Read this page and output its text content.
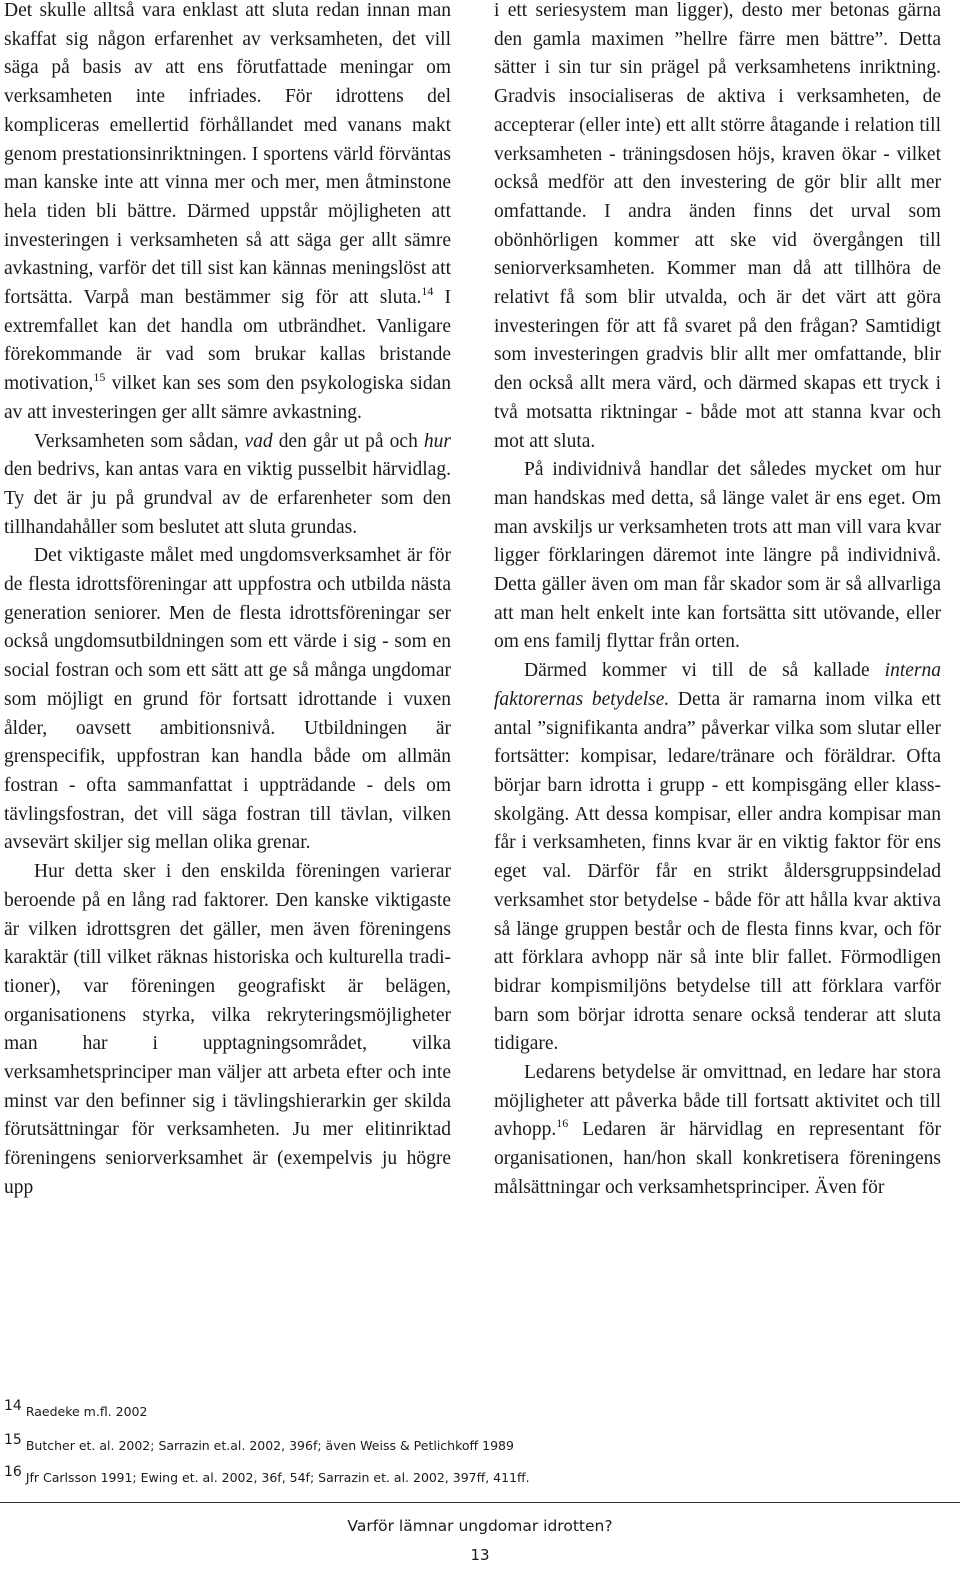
Det skulle alltså vara enklast att sluta redan innan man skaffat sig någon erfarenhet av verksamheten, det vill säga på basis av att ens förutfattade meningar om verksamheten inte infriades. För idrottens del kompliceras emellertid förhållandet med vanans makt genom prestationsinriktningen. I sportens värld förväntas man kanske inte att vinna mer och mer, men åtminstone hela tiden bli bättre. Därmed uppstår möjligheten att investeringen i verksamheten så att säga ger allt sämre avkastning, varför det till sist kan kännas meningslöst att fortsätta. Varpå man bestämmer sig för att sluta.$^{14}$ I extremfallet kan det handla om utbrändhet. Vanligare förekommande är vad som brukar kallas bristande motivation,$^{15}$ vilket kan ses som den psykologiska sidan av att investeringen ger allt sämre avkastning.

Verksamheten som sådan, vad den går ut på och hur den bedrivs, kan antas vara en viktig pusselbit härvidlag. Ty det är ju på grundval av de erfarenheter som den tillhandahåller som beslutet att sluta grundas.

Det viktigaste målet med ungdomsverksamhet är för de flesta idrottsföreningar att uppfostra och utbilda nästa generation seniorer. Men de flesta idrottsföreningar ser också ungdomsutbildningen som ett värde i sig - som en social fostran och som ett sätt att ge så många ungdomar som möjligt en grund för fortsatt idrottande i vuxen ålder, oavsett ambitionsnivå. Utbildningen är grenspecifik, uppfostran kan handla både om allmän fostran - ofta sammanfattat i uppträdande - dels om tävlingsfostran, det vill säga fostran till tävlan, vilken avsevärt skiljer sig mellan olika grenar.

Hur detta sker i den enskilda föreningen varierar beroende på en lång rad faktorer. Den kanske viktigaste är vilken idrottsgren det gäller, men även föreningens karaktär (till vilket räknas historiska och kulturella traditioner), var föreningen geografiskt är belägen, organisationens styrka, vilka rekryteringsmöjligheter man har i upptagningsområdet, vilka verksamhetsprinciper man väljer att arbeta efter och inte minst var den befinner sig i tävlingshierarkin ger skilda förutsättningar för verksamheten. Ju mer elitinriktad föreningens seniorverksamhet är (exempelvis ju högre upp

i ett seriesystem man ligger), desto mer betonas gärna den gamla maximen ”hellre färre men bättre”. Detta sätter i sin tur sin prägel på verksamhetens inriktning. Gradvis insocialiseras de aktiva i verksamheten, de accepterar (eller inte) ett allt större åtagande i relation till verksamheten - träningsdosen höjs, kraven ökar - vilket också medför att den investering de gör blir allt mer omfattande. I andra änden finns det urval som obönhörligen kommer att ske vid övergången till seniorverksamheten. Kommer man då att tillhöra de relativt få som blir utvalda, och är det värt att göra investeringen för att få svaret på den frågan? Samtidigt som investeringen gradvis blir allt mer omfattande, blir den också allt mera värd, och därmed skapas ett tryck i två motsatta riktningar - både mot att stanna kvar och mot att sluta.

På individnivå handlar det således mycket om hur man handskas med detta, så länge valet är ens eget. Om man avskiljs ur verksamheten trots att man vill vara kvar ligger förklaringen däremot inte längre på individnivå. Detta gäller även om man får skador som är så allvarliga att man helt enkelt inte kan fortsätta sitt utövande, eller om ens familj flyttar från orten.

Därmed kommer vi till de så kallade interna faktorernas betydelse. Detta är ramarna inom vilka ett antal ”signifikanta andra” påverkar vilka som slutar eller fortsätter: kompisar, ledare/tränare och föräldrar. Ofta börjar barn idrotta i grupp - ett kompisgäng eller klassskolgäng. Att dessa kompisar, eller andra kompisar man får i verksamheten, finns kvar är en viktig faktor för ens eget val. Därför får en strikt åldersgruppsindelad verksamhet stor betydelse - både för att hålla kvar aktiva så länge gruppen består och de flesta finns kvar, och för att förklara avhopp när så inte blir fallet. Förmodligen bidrar kompismiljöns betydelse till att förklara varför barn som börjar idrotta senare också tenderar att sluta tidigare.

Ledarens betydelse är omvittnad, en ledare har stora möjligheter att påverka både till fortsatt aktivitet och till avhopp.$^{16}$ Ledaren är härvidlag en representant för organisationen, han/hon skall konkretisera föreningens målsättningar och verksamhetsprinciper. Även för

14 Raedeke m.fl. 2002
15 Butcher et. al. 2002; Sarrazin et.al. 2002, 396f; även Weiss & Petlichkoff 1989
16 Jfr Carlsson 1991; Ewing et. al. 2002, 36f, 54f; Sarrazin et. al. 2002, 397ff, 411ff.
Varför lämnar ungdomar idrotten?
13
